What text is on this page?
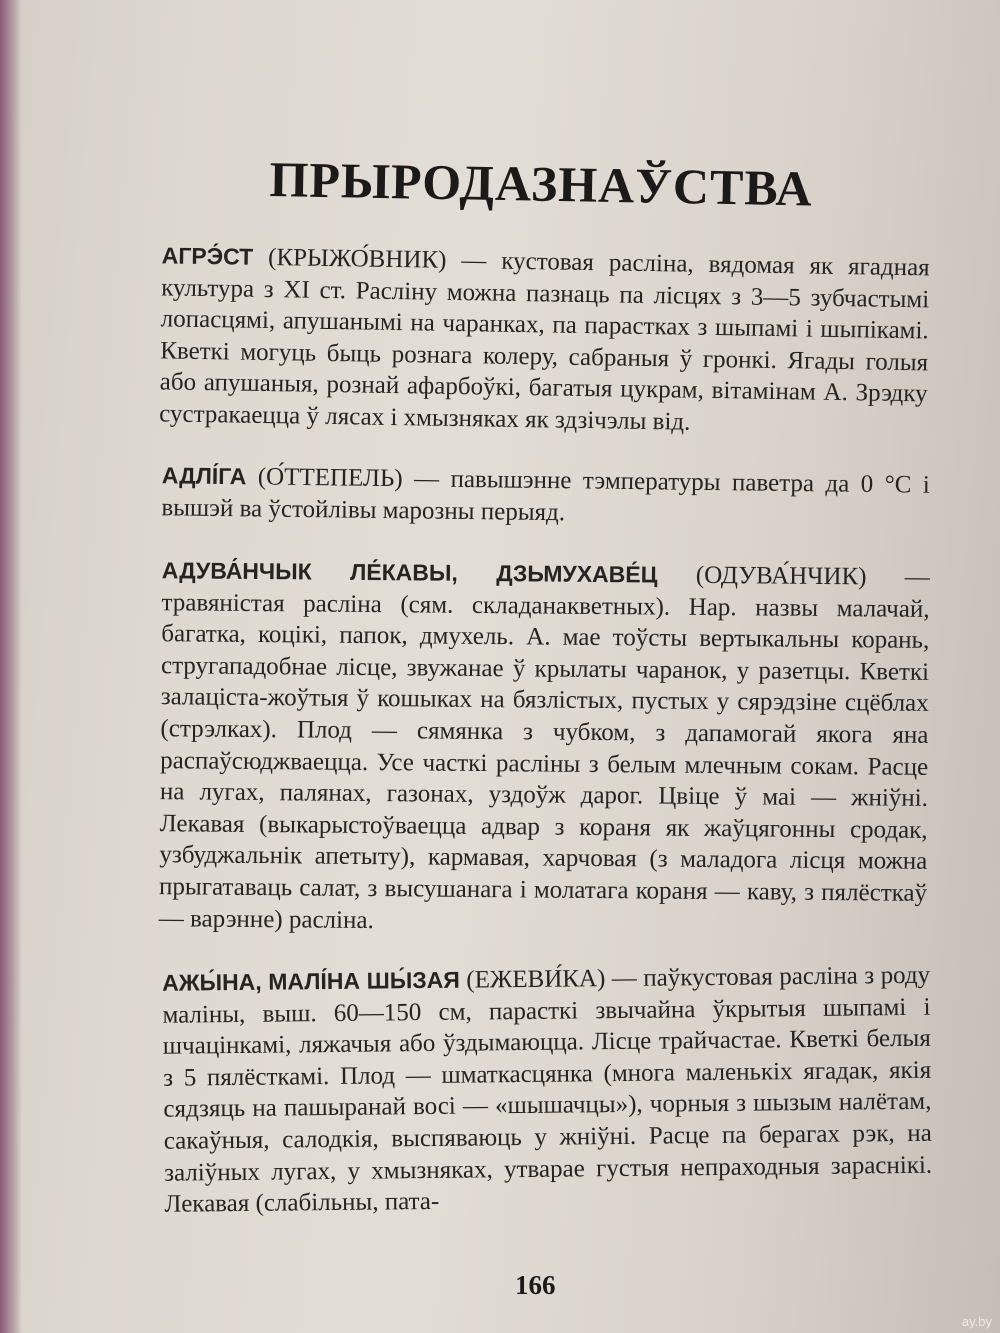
ПРЫРОДАЗНАЎСТВА

АГРЭ́СТ (КРЫЖО́ВНИК) — кустовая расліна, вядомая як ягадная культура з XI ст. Расліну можна пазнаць па лісцях з 3—5 зубчастымі лопасцямі, апушанымі на чаранках, па парастках з шыпамі і шыпікамі. Кветкі могуць быць рознага колеру, сабраныя ў гронкі. Ягады голыя або апушаныя, рознай афарбоўкі, багатыя цукрам, вітамінам А. Зрэдку сустракаецца ў лясах і хмызняках як здзічэлы від.

АДЛІ́ГА (О́ТТЕПЕЛЬ) — павышэнне тэмпературы паветра да 0 °С і вышэй ва ўстойлівы марозны перыяд.

АДУВА́НЧЫК ЛЕ́КАВЫ, ДЗЬМУХАВЕ́Ц (ОДУВА́НЧИК) — травяністая расліна (сям. складанакветных). Нар. назвы малачай, багатка, коцікі, папок, дмухель. А. мае тоўсты вертыкальны корань, стругападобнае лісце, звужанае ў крылаты чаранок, у разетцы. Кветкі залаціста-жоўтыя ў кошыках на бязлістых, пустых у сярэдзіне сцёблах (стрэлках). Плод — сямянка з чубком, з дапамогай якога яна распаўсюджваецца. Усе часткі расліны з белым млечным сокам. Расце на лугах, палянах, газонах, уздоўж дарог. Цвіце ў маі — жніўні. Лекавая (выкарыстоўваецца адвар з кораня як жаўцягонны сродак, узбуджальнік апетыту), кармавая, харчовая (з маладога лісця можна прыгатаваць салат, з высушанага і молатага кораня — каву, з пялёсткаў — варэнне) расліна.

АЖЫ́НА, МАЛІ́НА ШЫ́ЗАЯ (ЕЖЕВИ́КА) — паўкустовая расліна з роду маліны, выш. 60—150 см, парасткі звычайна ўкрытыя шыпамі і шчацінкамі, ляжачыя або ўздымаюцца. Лісце трайчастае. Кветкі белыя з 5 пялёсткамі. Плод — шматкасцянка (многа маленькіх ягадак, якія сядзяць на пашыранай восі — «шышачцы»), чорныя з шызым налётам, сакаўныя, салодкія, выспяваюць у жніўні. Расце па берагах рэк, на заліўных лугах, у хмызняках, утварае густыя непраходныя зараснікі. Лекавая (слабільны, пата-

166
ay.by
